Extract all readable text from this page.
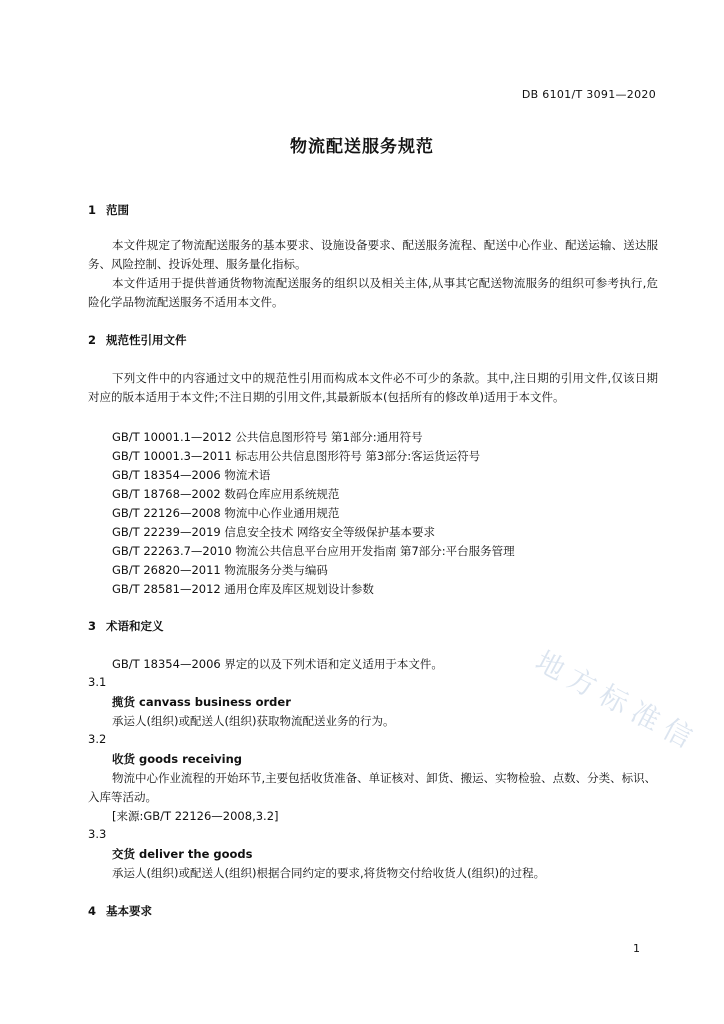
DB 6101/T 3091—2020
物流配送服务规范
1 范围
本文件规定了物流配送服务的基本要求、设施设备要求、配送服务流程、配送中心作业、配送运输、送达服务、风险控制、投诉处理、服务量化指标。
本文件适用于提供普通货物物流配送服务的组织以及相关主体,从事其它配送物流服务的组织可参考执行,危险化学品物流配送服务不适用本文件。
2 规范性引用文件
下列文件中的内容通过文中的规范性引用而构成本文件必不可少的条款。其中,注日期的引用文件,仅该日期对应的版本适用于本文件;不注日期的引用文件,其最新版本(包括所有的修改单)适用于本文件。
GB/T 10001.1—2012 公共信息图形符号 第1部分:通用符号
GB/T 10001.3—2011 标志用公共信息图形符号 第3部分:客运货运符号
GB/T 18354—2006 物流术语
GB/T 18768—2002 数码仓库应用系统规范
GB/T 22126—2008 物流中心作业通用规范
GB/T 22239—2019 信息安全技术 网络安全等级保护基本要求
GB/T 22263.7—2010 物流公共信息平台应用开发指南 第7部分:平台服务管理
GB/T 26820—2011 物流服务分类与编码
GB/T 28581—2012 通用仓库及库区规划设计参数
3 术语和定义
GB/T 18354—2006 界定的以及下列术语和定义适用于本文件。
3.1
揽货 canvass business order
承运人(组织)或配送人(组织)获取物流配送业务的行为。
3.2
收货 goods receiving
物流中心作业流程的开始环节,主要包括收货准备、单证核对、卸货、搬运、实物检验、点数、分类、标识、入库等活动。
[来源:GB/T 22126—2008,3.2]
3.3
交货 deliver the goods
承运人(组织)或配送人(组织)根据合同约定的要求,将货物交付给收货人(组织)的过程。
4 基本要求
地方标准信
1
